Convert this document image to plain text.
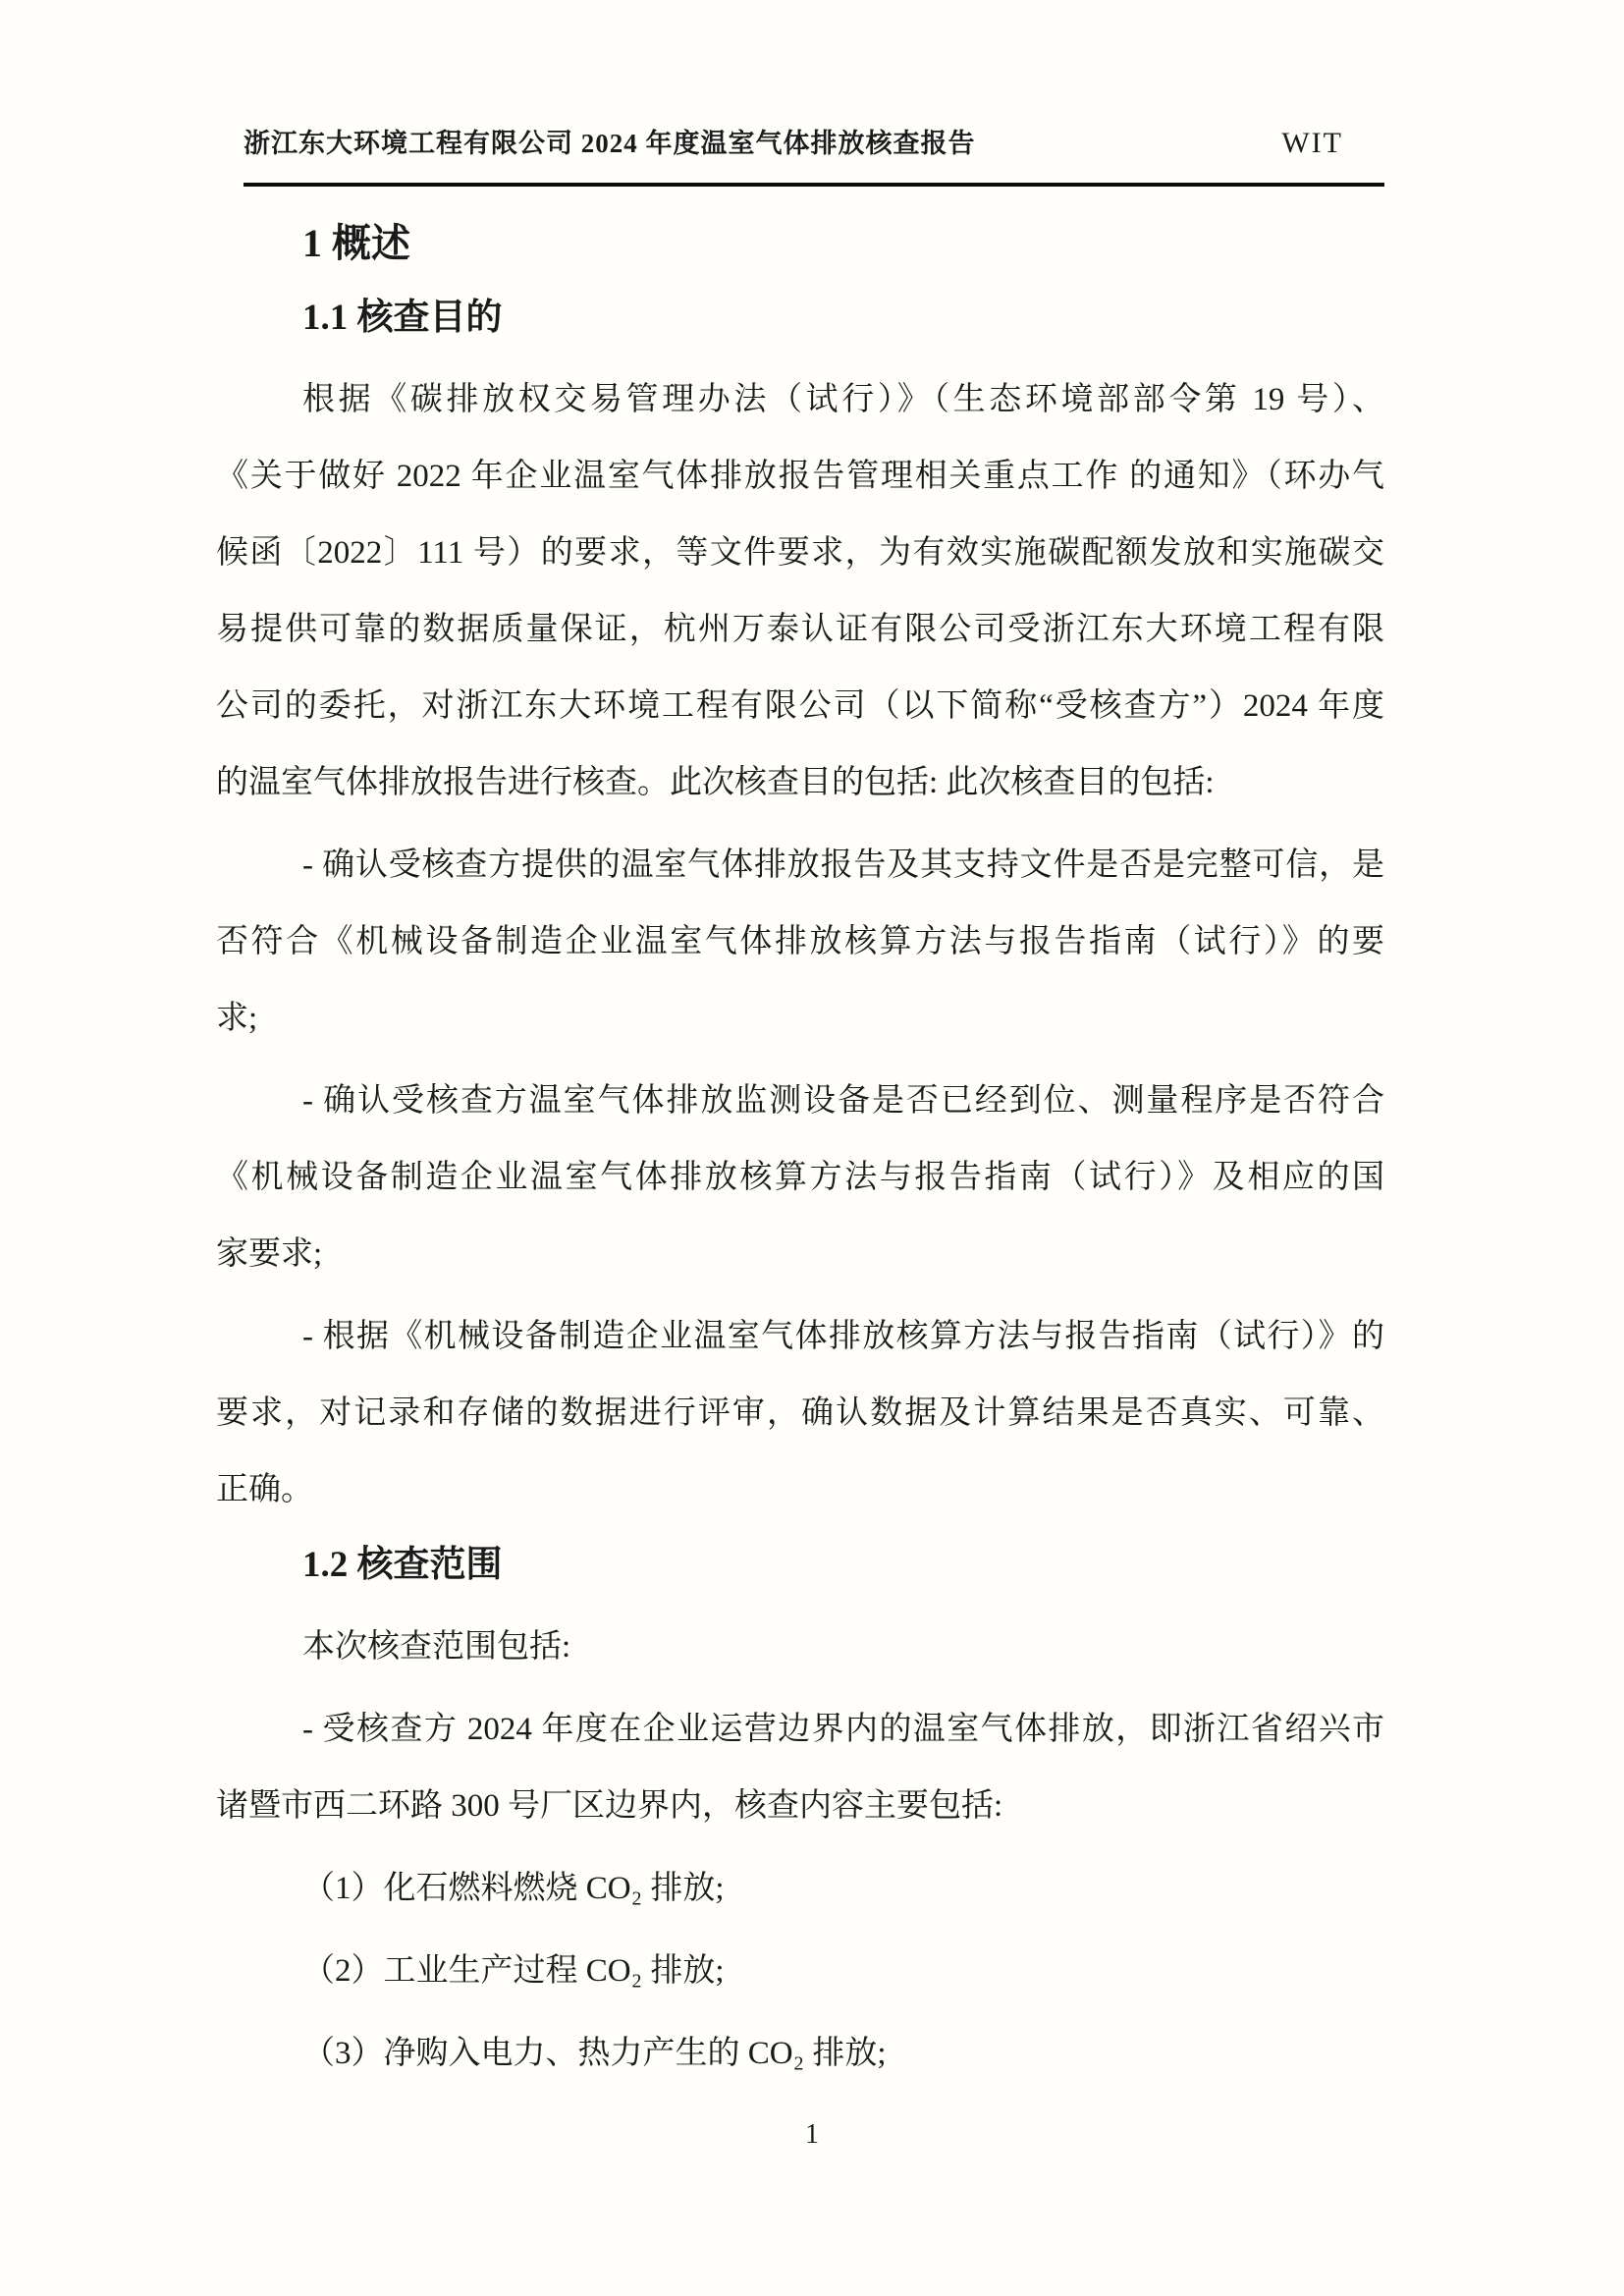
浙江东大环境工程有限公司 2024 年度温室气体排放核查报告	WIT
1 概述
1.1 核查目的
根据《碳排放权交易管理办法（试行）》（生态环境部部令第 19 号）、
《关于做好 2022 年企业温室气体排放报告管理相关重点工作 的通知》（环办气
候函〔2022〕111 号）的要求，等文件要求，为有效实施碳配额发放和实施碳交
易提供可靠的数据质量保证，杭州万泰认证有限公司受浙江东大环境工程有限
公司的委托，对浙江东大环境工程有限公司（以下简称“受核查方”）2024 年度
的温室气体排放报告进行核查。此次核查目的包括: 此次核查目的包括:
- 确认受核查方提供的温室气体排放报告及其支持文件是否是完整可信，是
否符合《机械设备制造企业温室气体排放核算方法与报告指南（试行）》的要
求;
- 确认受核查方温室气体排放监测设备是否已经到位、测量程序是否符合
《机械设备制造企业温室气体排放核算方法与报告指南（试行）》及相应的国
家要求;
- 根据《机械设备制造企业温室气体排放核算方法与报告指南（试行）》的
要求，对记录和存储的数据进行评审，确认数据及计算结果是否真实、可靠、
正确。
1.2 核查范围
本次核查范围包括:
- 受核查方 2024 年度在企业运营边界内的温室气体排放，即浙江省绍兴市
诸暨市西二环路 300 号厂区边界内，核查内容主要包括:
（1）化石燃料燃烧 CO₂ 排放;
（2）工业生产过程 CO₂ 排放;
（3）净购入电力、热力产生的 CO₂ 排放;
1
